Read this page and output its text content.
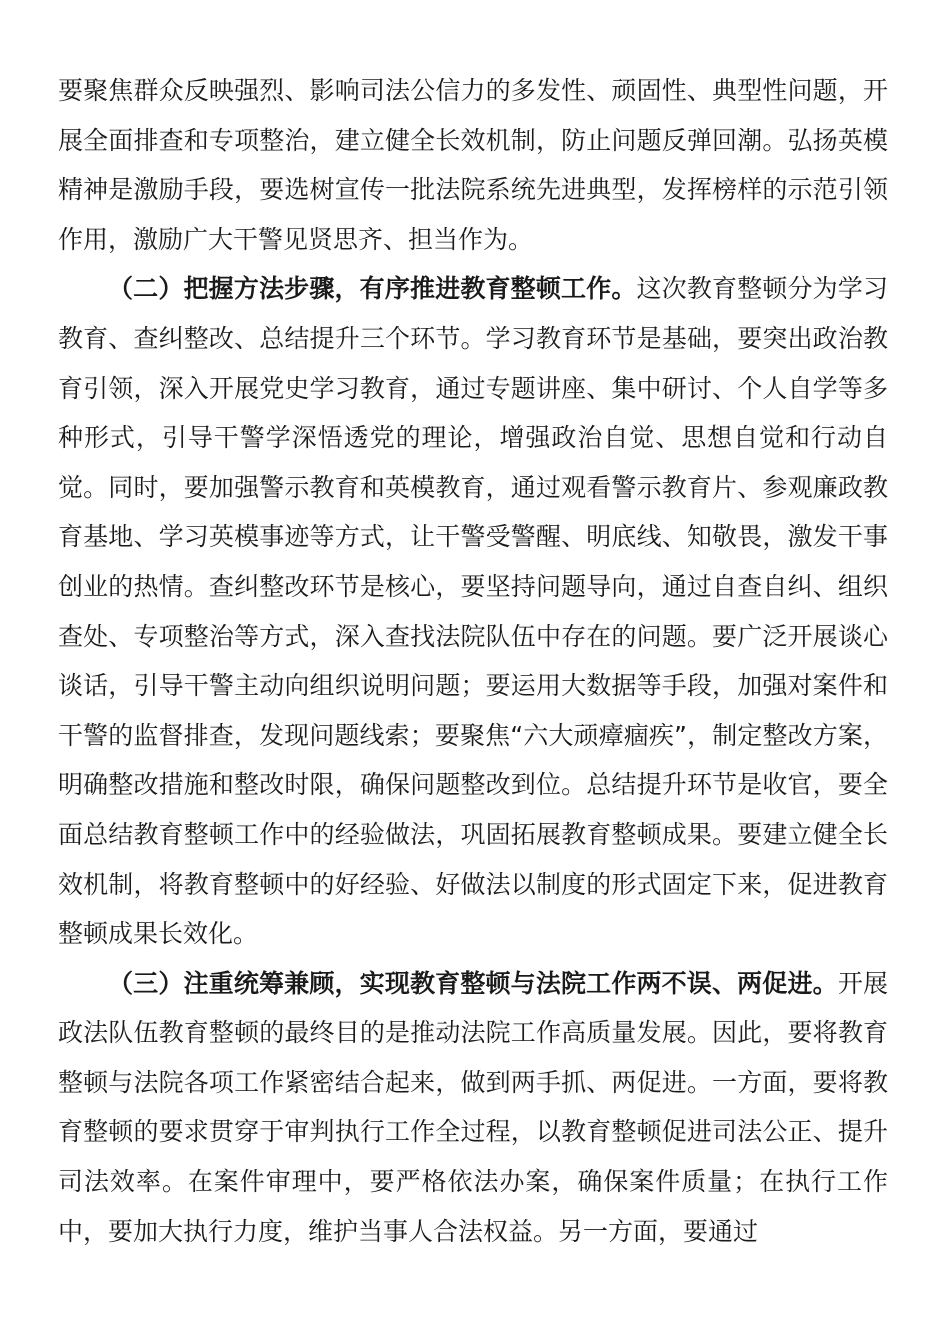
要聚焦群众反映强烈、影响司法公信力的多发性、顽固性、典型性问题，开展全面排查和专项整治，建立健全长效机制，防止问题反弹回潮。弘扬英模精神是激励手段，要选树宣传一批法院系统先进典型，发挥榜样的示范引领作用，激励广大干警见贤思齐、担当作为。

（二）把握方法步骤，有序推进教育整顿工作。这次教育整顿分为学习教育、查纠整改、总结提升三个环节。学习教育环节是基础，要突出政治教育引领，深入开展党史学习教育，通过专题讲座、集中研讨、个人自学等多种形式，引导干警学深悟透党的理论，增强政治自觉、思想自觉和行动自觉。同时，要加强警示教育和英模教育，通过观看警示教育片、参观廉政教育基地、学习英模事迹等方式，让干警受警醒、明底线、知敬畏，激发干事创业的热情。查纠整改环节是核心，要坚持问题导向，通过自查自纠、组织查处、专项整治等方式，深入查找法院队伍中存在的问题。要广泛开展谈心谈话，引导干警主动向组织说明问题；要运用大数据等手段，加强对案件和干警的监督排查，发现问题线索；要聚焦“六大顽瘴痼疾”，制定整改方案，明确整改措施和整改时限，确保问题整改到位。总结提升环节是收官，要全面总结教育整顿工作中的经验做法，巩固拓展教育整顿成果。要建立健全长效机制，将教育整顿中的好经验、好做法以制度的形式固定下来，促进教育整顿成果长效化。

（三）注重统筹兼顾，实现教育整顿与法院工作两不误、两促进。开展政法队伍教育整顿的最终目的是推动法院工作高质量发展。因此，要将教育整顿与法院各项工作紧密结合起来，做到两手抓、两促进。一方面，要将教育整顿的要求贯穿于审判执行工作全过程，以教育整顿促进司法公正、提升司法效率。在案件审理中，要严格依法办案，确保案件质量；在执行工作中，要加大执行力度，维护当事人合法权益。另一方面，要通过
